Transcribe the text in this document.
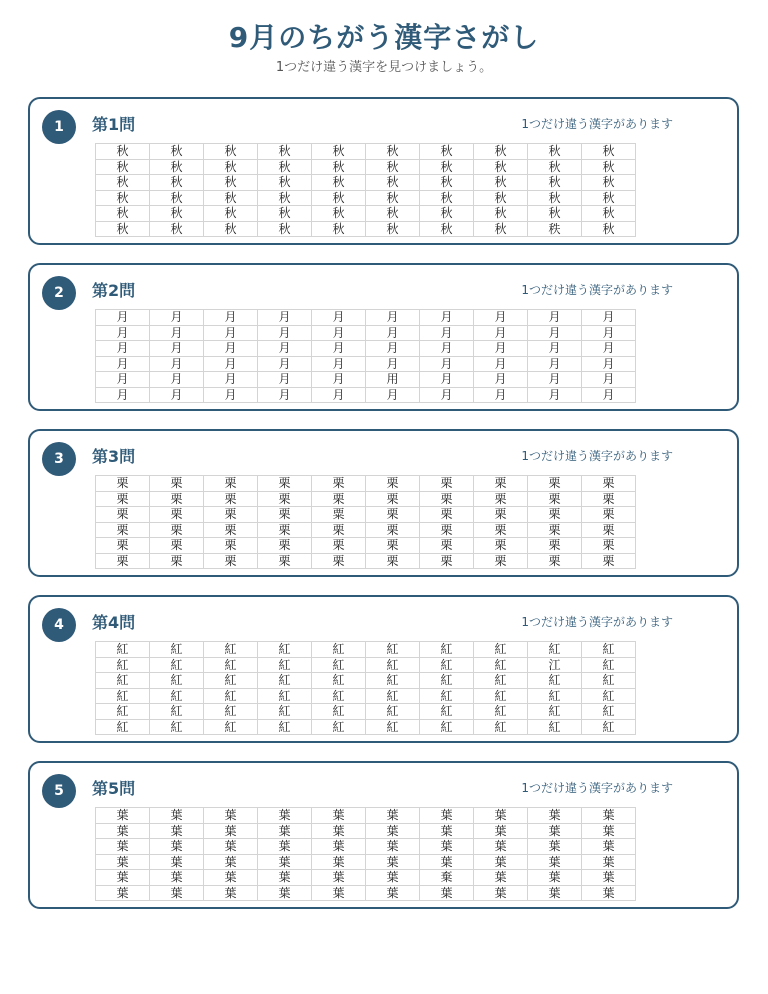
9月のちがう漢字さがし
1つだけ違う漢字を見つけましょう。
1	第1問	1つだけ違う漢字があります
秋	秋	秋	秋	秋	秋	秋	秋	秋	秋
秋	秋	秋	秋	秋	秋	秋	秋	秋	秋
秋	秋	秋	秋	秋	秋	秋	秋	秋	秋
秋	秋	秋	秋	秋	秋	秋	秋	秋	秋
秋	秋	秋	秋	秋	秋	秋	秋	秋	秋
秋	秋	秋	秋	秋	秋	秋	秋	秩	秋
2	第2問	1つだけ違う漢字があります
月	月	月	月	月	月	月	月	月	月
月	月	月	月	月	月	月	月	月	月
月	月	月	月	月	月	月	月	月	月
月	月	月	月	月	月	月	月	月	月
月	月	月	月	月	用	月	月	月	月
月	月	月	月	月	月	月	月	月	月
3	第3問	1つだけ違う漢字があります
栗	栗	栗	栗	栗	栗	栗	栗	栗	栗
栗	栗	栗	栗	栗	栗	栗	栗	栗	栗
栗	栗	栗	栗	粟	栗	栗	栗	栗	栗
栗	栗	栗	栗	栗	栗	栗	栗	栗	栗
栗	栗	栗	栗	栗	栗	栗	栗	栗	栗
栗	栗	栗	栗	栗	栗	栗	栗	栗	栗
4	第4問	1つだけ違う漢字があります
紅	紅	紅	紅	紅	紅	紅	紅	紅	紅
紅	紅	紅	紅	紅	紅	紅	紅	江	紅
紅	紅	紅	紅	紅	紅	紅	紅	紅	紅
紅	紅	紅	紅	紅	紅	紅	紅	紅	紅
紅	紅	紅	紅	紅	紅	紅	紅	紅	紅
紅	紅	紅	紅	紅	紅	紅	紅	紅	紅
5	第5問	1つだけ違う漢字があります
葉	葉	葉	葉	葉	葉	葉	葉	葉	葉
葉	葉	葉	葉	葉	葉	葉	葉	葉	葉
葉	葉	葉	葉	葉	葉	葉	葉	葉	葉
葉	葉	葉	葉	葉	葉	葉	葉	葉	葉
葉	葉	葉	葉	葉	葉	棄	葉	葉	葉
葉	葉	葉	葉	葉	葉	葉	葉	葉	葉
